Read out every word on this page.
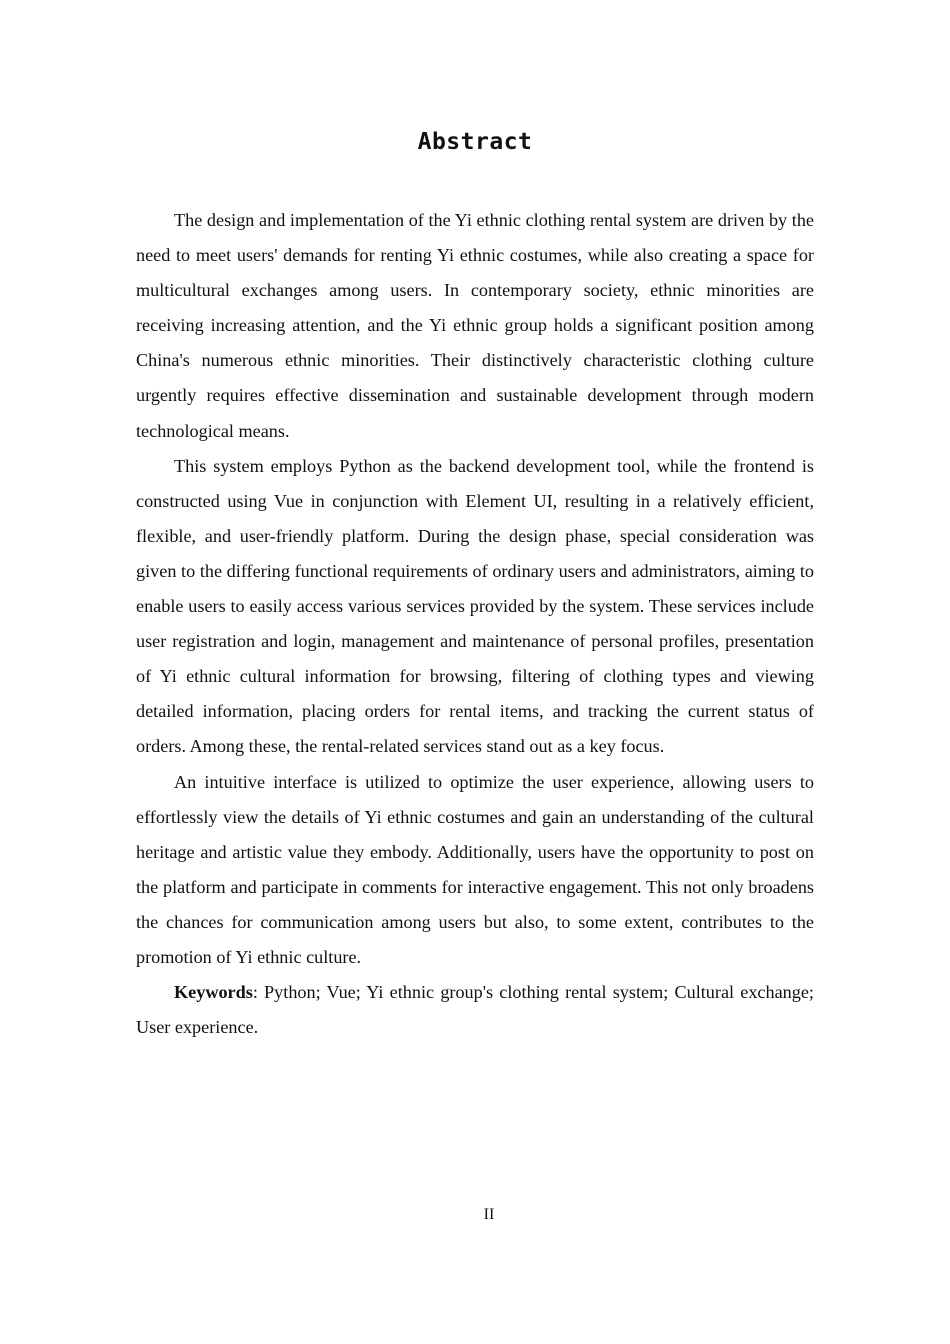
Abstract

The design and implementation of the Yi ethnic clothing rental system are driven by the need to meet users' demands for renting Yi ethnic costumes, while also creating a space for multicultural exchanges among users. In contemporary society, ethnic minorities are receiving increasing attention, and the Yi ethnic group holds a significant position among China's numerous ethnic minorities. Their distinctively characteristic clothing culture urgently requires effective dissemination and sustainable development through modern technological means.

This system employs Python as the backend development tool, while the frontend is constructed using Vue in conjunction with Element UI, resulting in a relatively efficient, flexible, and user-friendly platform. During the design phase, special consideration was given to the differing functional requirements of ordinary users and administrators, aiming to enable users to easily access various services provided by the system. These services include user registration and login, management and maintenance of personal profiles, presentation of Yi ethnic cultural information for browsing, filtering of clothing types and viewing detailed information, placing orders for rental items, and tracking the current status of orders. Among these, the rental-related services stand out as a key focus.

An intuitive interface is utilized to optimize the user experience, allowing users to effortlessly view the details of Yi ethnic costumes and gain an understanding of the cultural heritage and artistic value they embody. Additionally, users have the opportunity to post on the platform and participate in comments for interactive engagement. This not only broadens the chances for communication among users but also, to some extent, contributes to the promotion of Yi ethnic culture.

Keywords: Python; Vue; Yi ethnic group's clothing rental system; Cultural exchange; User experience.

II
